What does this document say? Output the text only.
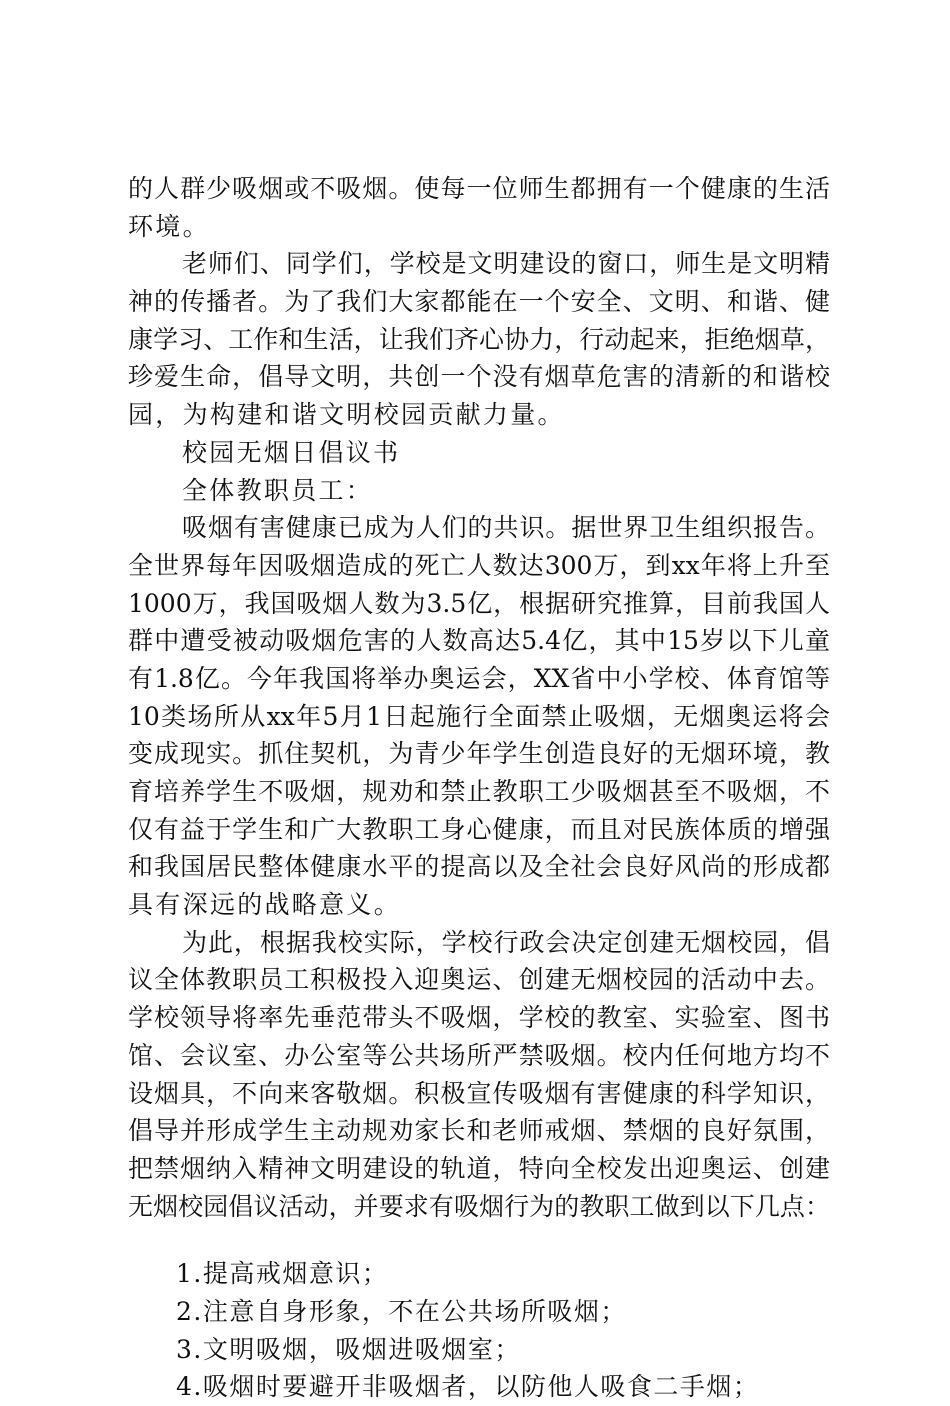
的人群少吸烟或不吸烟。使每一位师生都拥有一个健康的生活

环境。

老师们、同学们，学校是文明建设的窗口，师生是文明精

神的传播者。为了我们大家都能在一个安全、文明、和谐、健

康学习、工作和生活，让我们齐心协力，行动起来，拒绝烟草，

珍爱生命，倡导文明，共创一个没有烟草危害的清新的和谐校

园，为构建和谐文明校园贡献力量。

校园无烟日倡议书

全体教职员工：

吸烟有害健康已成为人们的共识。据世界卫生组织报告。

全世界每年因吸烟造成的死亡人数达300万，到xx年将上升至

1000万，我国吸烟人数为3.5亿，根据研究推算，目前我国人

群中遭受被动吸烟危害的人数高达5.4亿，其中15岁以下儿童

有1.8亿。今年我国将举办奥运会，XX省中小学校、体育馆等

10类场所从xx年5月1日起施行全面禁止吸烟，无烟奥运将会

变成现实。抓住契机，为青少年学生创造良好的无烟环境，教

育培养学生不吸烟，规劝和禁止教职工少吸烟甚至不吸烟，不

仅有益于学生和广大教职工身心健康，而且对民族体质的增强

和我国居民整体健康水平的提高以及全社会良好风尚的形成都

具有深远的战略意义。

为此，根据我校实际，学校行政会决定创建无烟校园，倡

议全体教职员工积极投入迎奥运、创建无烟校园的活动中去。

学校领导将率先垂范带头不吸烟，学校的教室、实验室、图书

馆、会议室、办公室等公共场所严禁吸烟。校内任何地方均不

设烟具，不向来客敬烟。积极宣传吸烟有害健康的科学知识，

倡导并形成学生主动规劝家长和老师戒烟、禁烟的良好氛围，

把禁烟纳入精神文明建设的轨道，特向全校发出迎奥运、创建

无烟校园倡议活动，并要求有吸烟行为的教职工做到以下几点：

1.提高戒烟意识；

2.注意自身形象，不在公共场所吸烟；

3.文明吸烟，吸烟进吸烟室；

4.吸烟时要避开非吸烟者，以防他人吸食二手烟；
